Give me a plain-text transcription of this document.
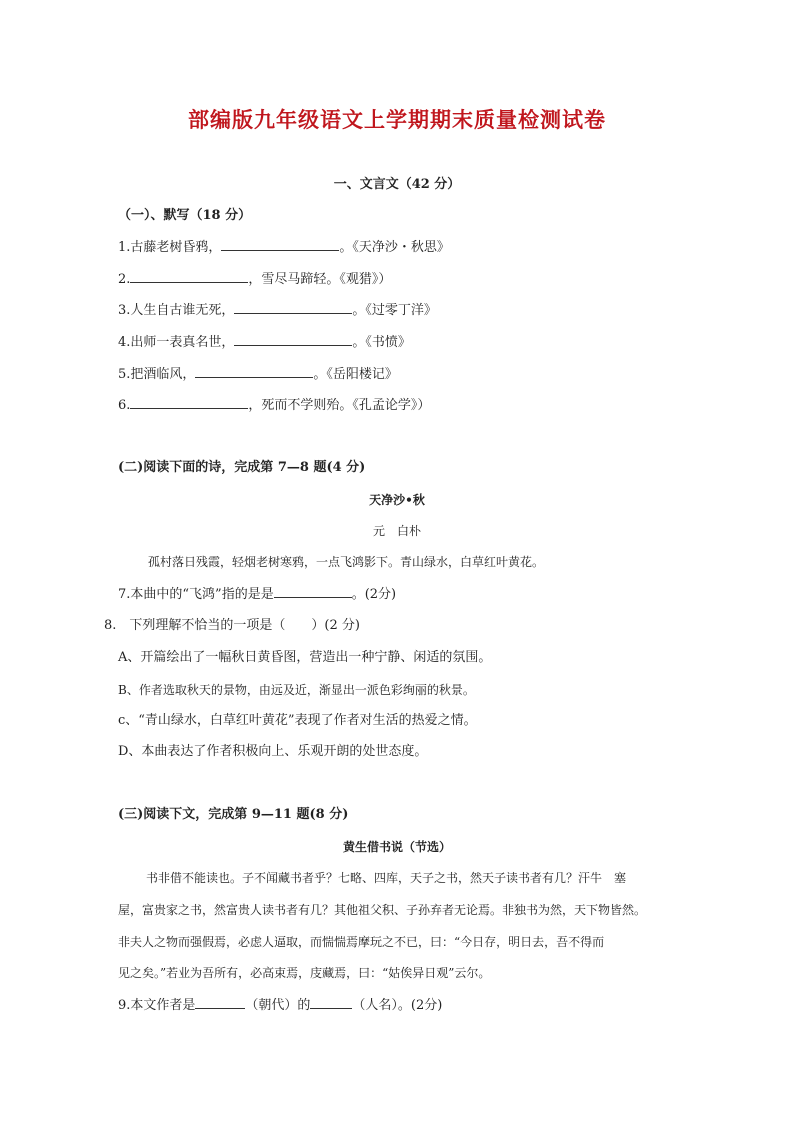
部编版九年级语文上学期期末质量检测试卷
一、文言文（42 分）
（一）、默写（18 分）
1.古藤老树昏鸦，	。《天净沙・秋思》
2.	，雪尽马蹄轻。《观猎》）
3.人生自古谁无死，	。《过零丁洋》
4.出师一表真名世，	。《书愤》
5.把酒临风，	。《岳阳楼记》
6.	，死而不学则殆。《孔孟论学》）
(二)阅读下面的诗，完成第 7—8 题(4 分)
天净沙•秋
元　白朴
孤村落日残霞，轻烟老树寒鸦，一点飞鸿影下。青山绿水，白草红叶黄花。
7.本曲中的“飞鸿”指的是是	。(2分)
8.　下列理解不恰当的一项是（　　）(2 分)
A、开篇绘出了一幅秋日黄昏图，营造出一种宁静、闲适的氛围。
B、作者选取秋天的景物，由远及近，渐显出一派色彩绚丽的秋景。
c、“青山绿水，白草红叶黄花”表现了作者对生活的热爱之情。
D、本曲表达了作者积极向上、乐观开朗的处世态度。
(三)阅读下文，完成第 9—11 题(8 分)
黄生借书说（节选）
书非借不能读也。子不闻藏书者乎？七略、四库，天子之书，然天子读书者有几？汗牛　塞
屋，富贵家之书，然富贵人读书者有几？其他祖父积、子孙弃者无论焉。非独书为然，天下物皆然。
非夫人之物而强假焉，必虑人逼取，而惴惴焉摩玩之不已，曰：“今日存，明日去，吾不得而
见之矣。”若业为吾所有，必高束焉，庋藏焉，曰：“姑俟异日观”云尔。
9.本文作者是	（朝代）的	（人名）。(2分)
